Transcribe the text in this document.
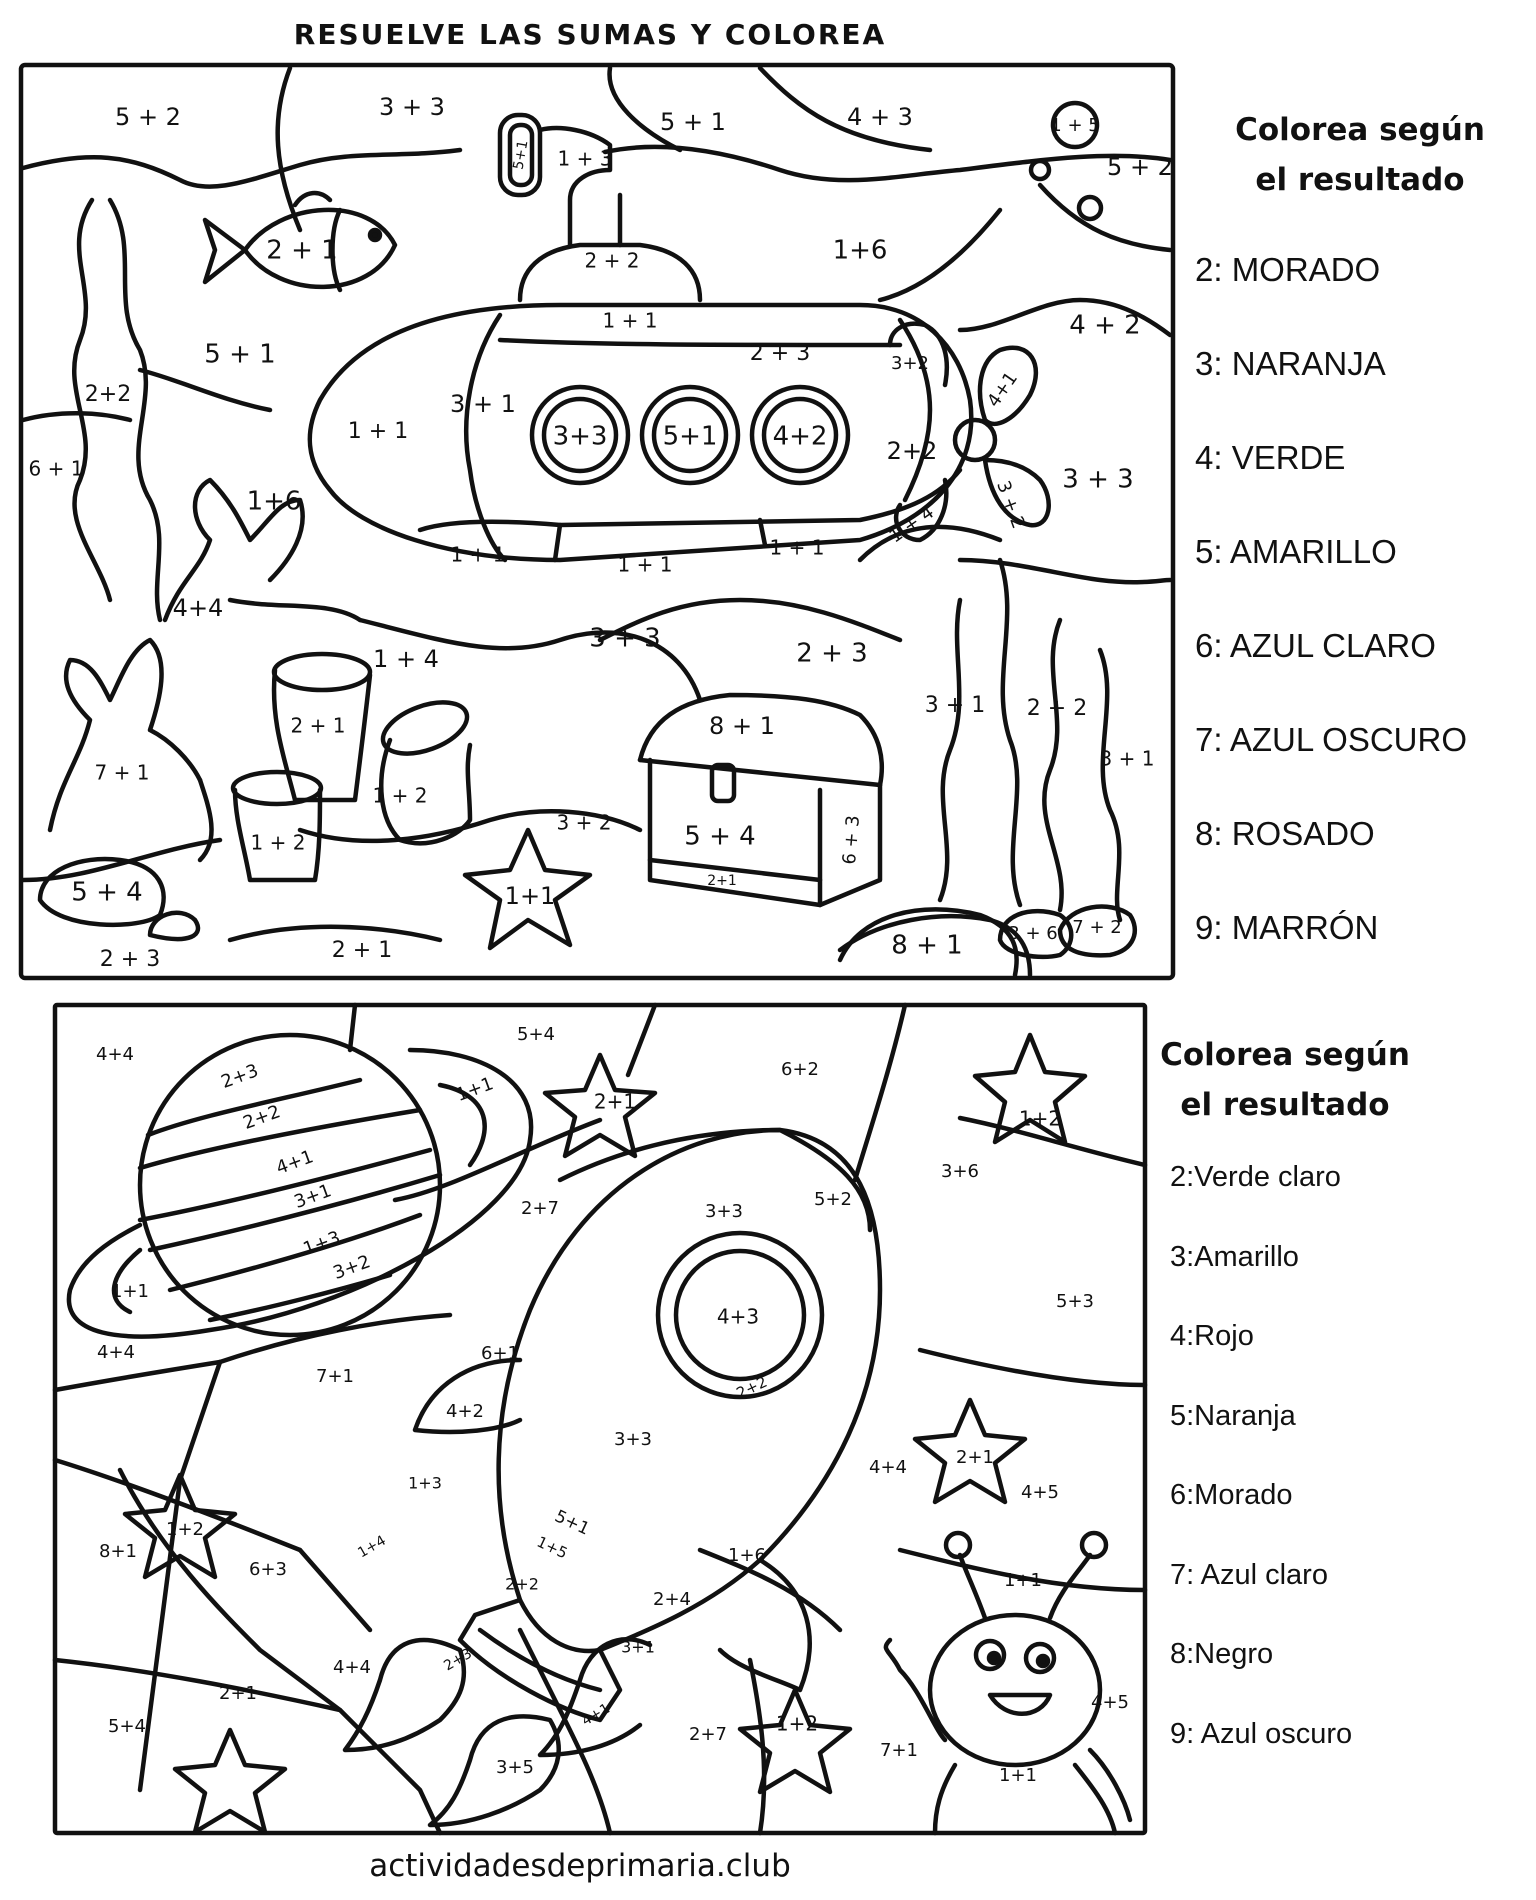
RESUELVE LAS SUMAS Y COLOREA
5 + 2	3 + 3
5 + 1	4 + 3	1 + 5
5 + 2
5+1 1 + 3
2 + 1	2 + 2	1+6
4 + 2
1 + 1
2 + 3
5 + 1
2+2	3 + 1
1 + 1	3+3 5+1 4+2 2+2
3+2
4+1
3 + 2
1 + 4
3 + 3
6 + 1
1+6
1 + 1	1 + 1
1 + 1
4+4
3 + 3	2 + 3
1 + 4
2 + 1	8 + 1
3 + 1 2 + 2
3 + 1
7 + 1
1 + 2
1 + 2
3 + 2	5 + 4	6 + 3
2+1
1+1
5 + 4
8 + 1	3 + 6 7 + 2
2 + 3	2 + 1
Colorea según
el resultado
2: MORADO
3: NARANJA
4: VERDE
5: AMARILLO
6: AZUL CLARO
7: AZUL OSCURO
8: ROSADO
9: MARRÓN
4+4
5+4
6+2
2+1
1+2
2+3
2+2
4+1
3+1
1+3
3+2
1+1
1+1
2+7	3+3
5+2
3+6
5+3
4+3
2+2
4+4
7+1
6+1
2+1
1+2
4+2
3+3
4+4
4+5
1+3
1+4
5+1
1+5
8+1
6+3
2+2
1+6
2+4
1+1
4+4
2+1
2+3	3+1
4+1
5+4	2+7 1+2
7+1
4+5
3+5	1+1
Colorea según
el resultado
2:Verde claro
3:Amarillo
4:Rojo
5:Naranja
6:Morado
7: Azul claro
8:Negro
9: Azul oscuro
actividadesdeprimaria.club
